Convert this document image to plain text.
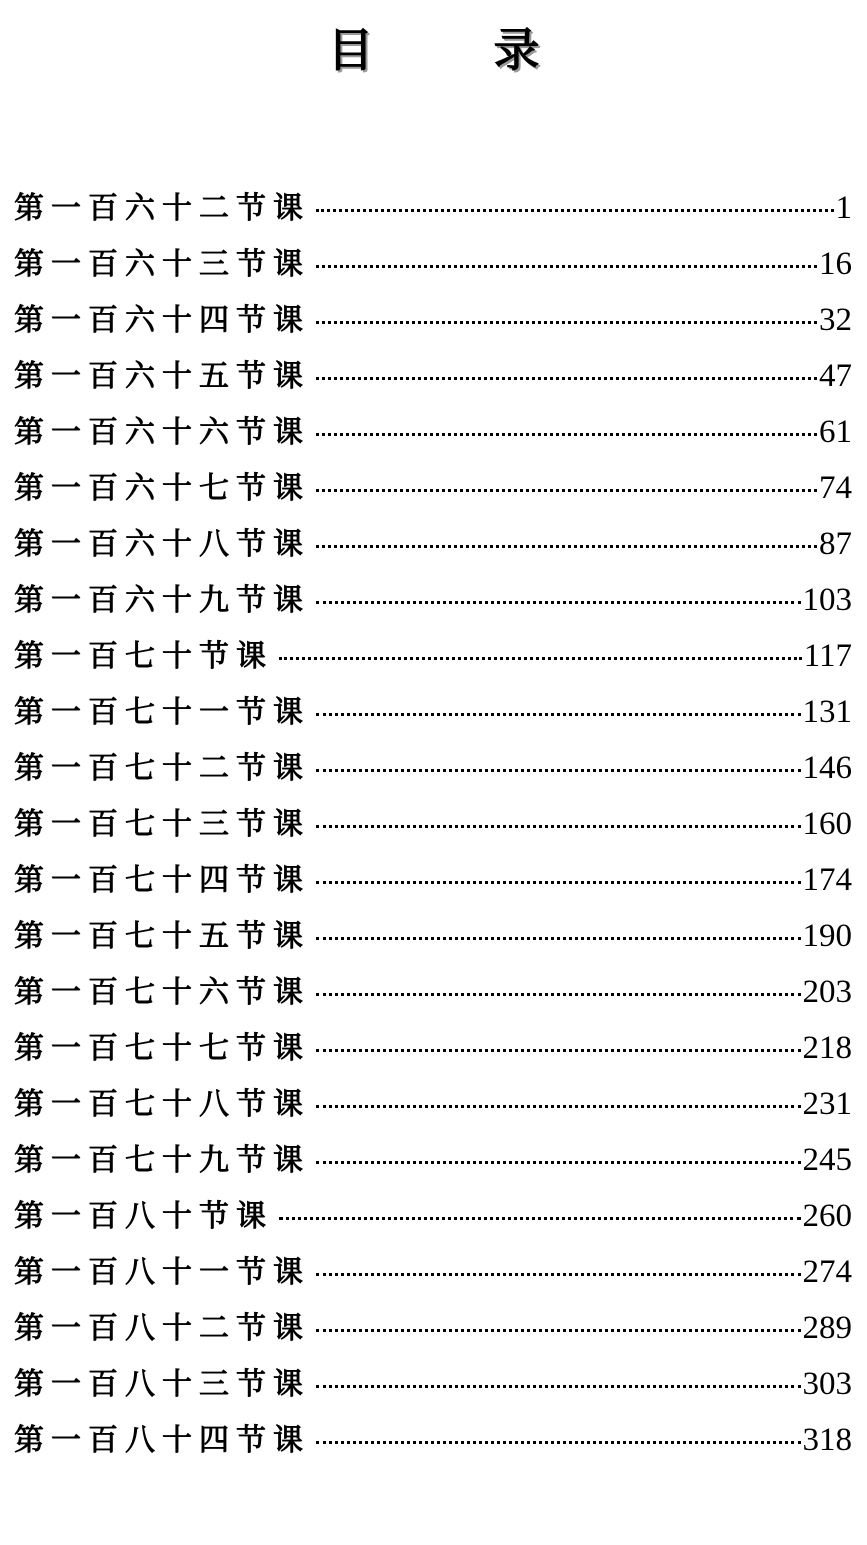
目 录
第一百六十二节课	1
第一百六十三节课	16
第一百六十四节课	32
第一百六十五节课	47
第一百六十六节课	61
第一百六十七节课	74
第一百六十八节课	87
第一百六十九节课	103
第一百七十节课	117
第一百七十一节课	131
第一百七十二节课	146
第一百七十三节课	160
第一百七十四节课	174
第一百七十五节课	190
第一百七十六节课	203
第一百七十七节课	218
第一百七十八节课	231
第一百七十九节课	245
第一百八十节课	260
第一百八十一节课	274
第一百八十二节课	289
第一百八十三节课	303
第一百八十四节课	318
